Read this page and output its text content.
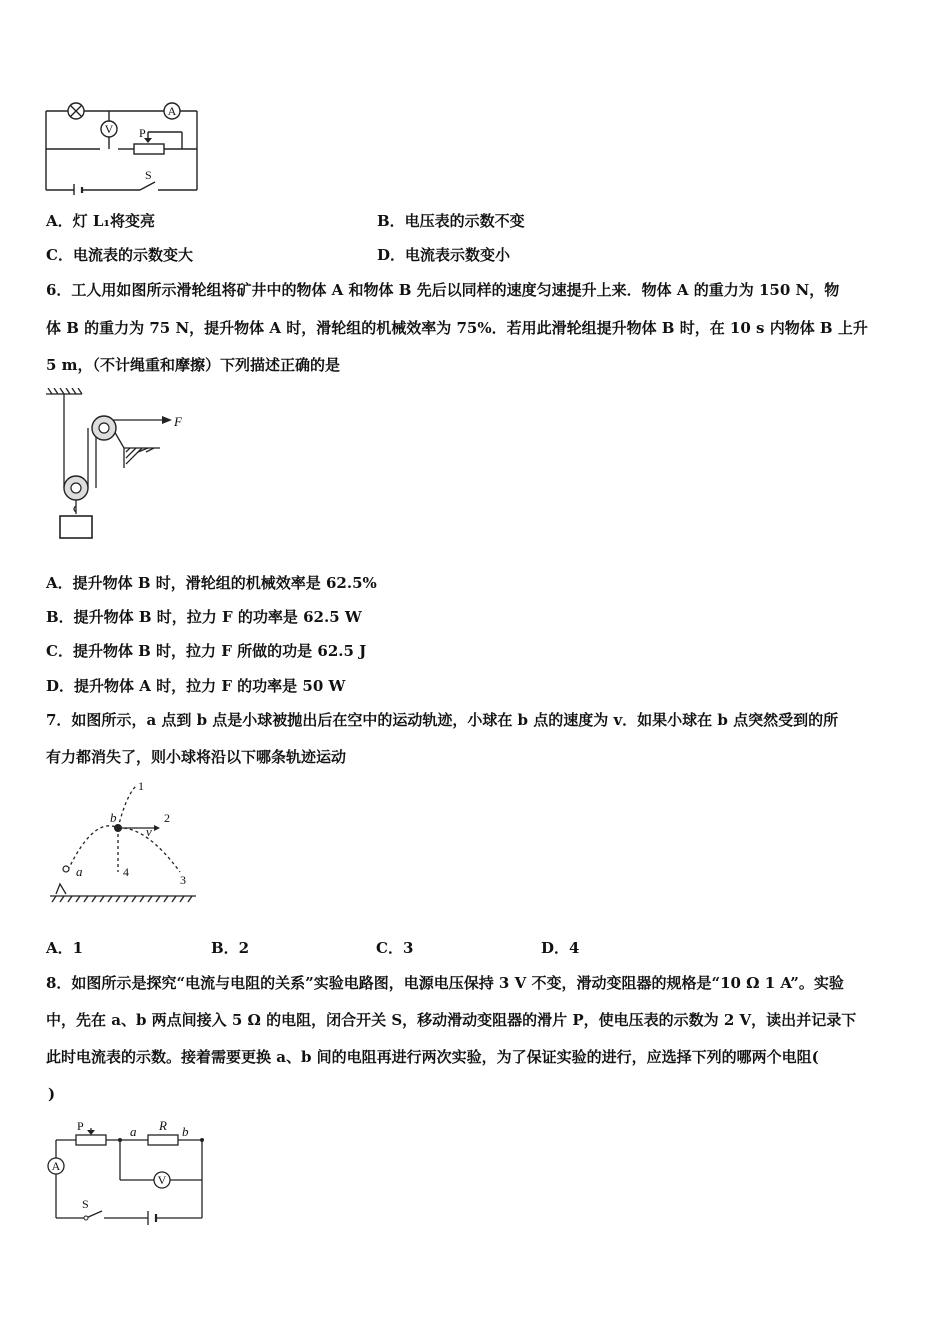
A
V P
S
A．灯 L₁将变亮	B．电压表的示数不变
C．电流表的示数变大	D．电流表示数变小
6．工人用如图所示滑轮组将矿井中的物体 A 和物体 B 先后以同样的速度匀速提升上来．物体 A 的重力为 150 N，物
体 B 的重力为 75 N，提升物体 A 时，滑轮组的机械效率为 75%．若用此滑轮组提升物体 B 时，在 10 s 内物体 B 上升
5 m，（不计绳重和摩擦）下列描述正确的是
F
A．提升物体 B 时，滑轮组的机械效率是 62.5%
B．提升物体 B 时，拉力 F 的功率是 62.5 W
C．提升物体 B 时，拉力 F 所做的功是 62.5 J
D．提升物体 A 时，拉力 F 的功率是 50 W
7．如图所示，a 点到 b 点是小球被抛出后在空中的运动轨迹，小球在 b 点的速度为 v．如果小球在 b 点突然受到的所
有力都消失了，则小球将沿以下哪条轨迹运动
1
2
3
4
a
b
v
A．1	B．2	C．3	D．4
8．如图所示是探究“电流与电阻的关系”实验电路图，电源电压保持 3 V 不变，滑动变阻器的规格是“10 Ω 1 A”。实验
中，先在 a、b 两点间接入 5 Ω 的电阻，闭合开关 S，移动滑动变阻器的滑片 P，使电压表的示数为 2 V，读出并记录下
此时电流表的示数。接着需要更换 a、b 间的电阻再进行两次实验，为了保证实验的进行，应选择下列的哪两个电阻(
)
P	a R b
A
V
S
